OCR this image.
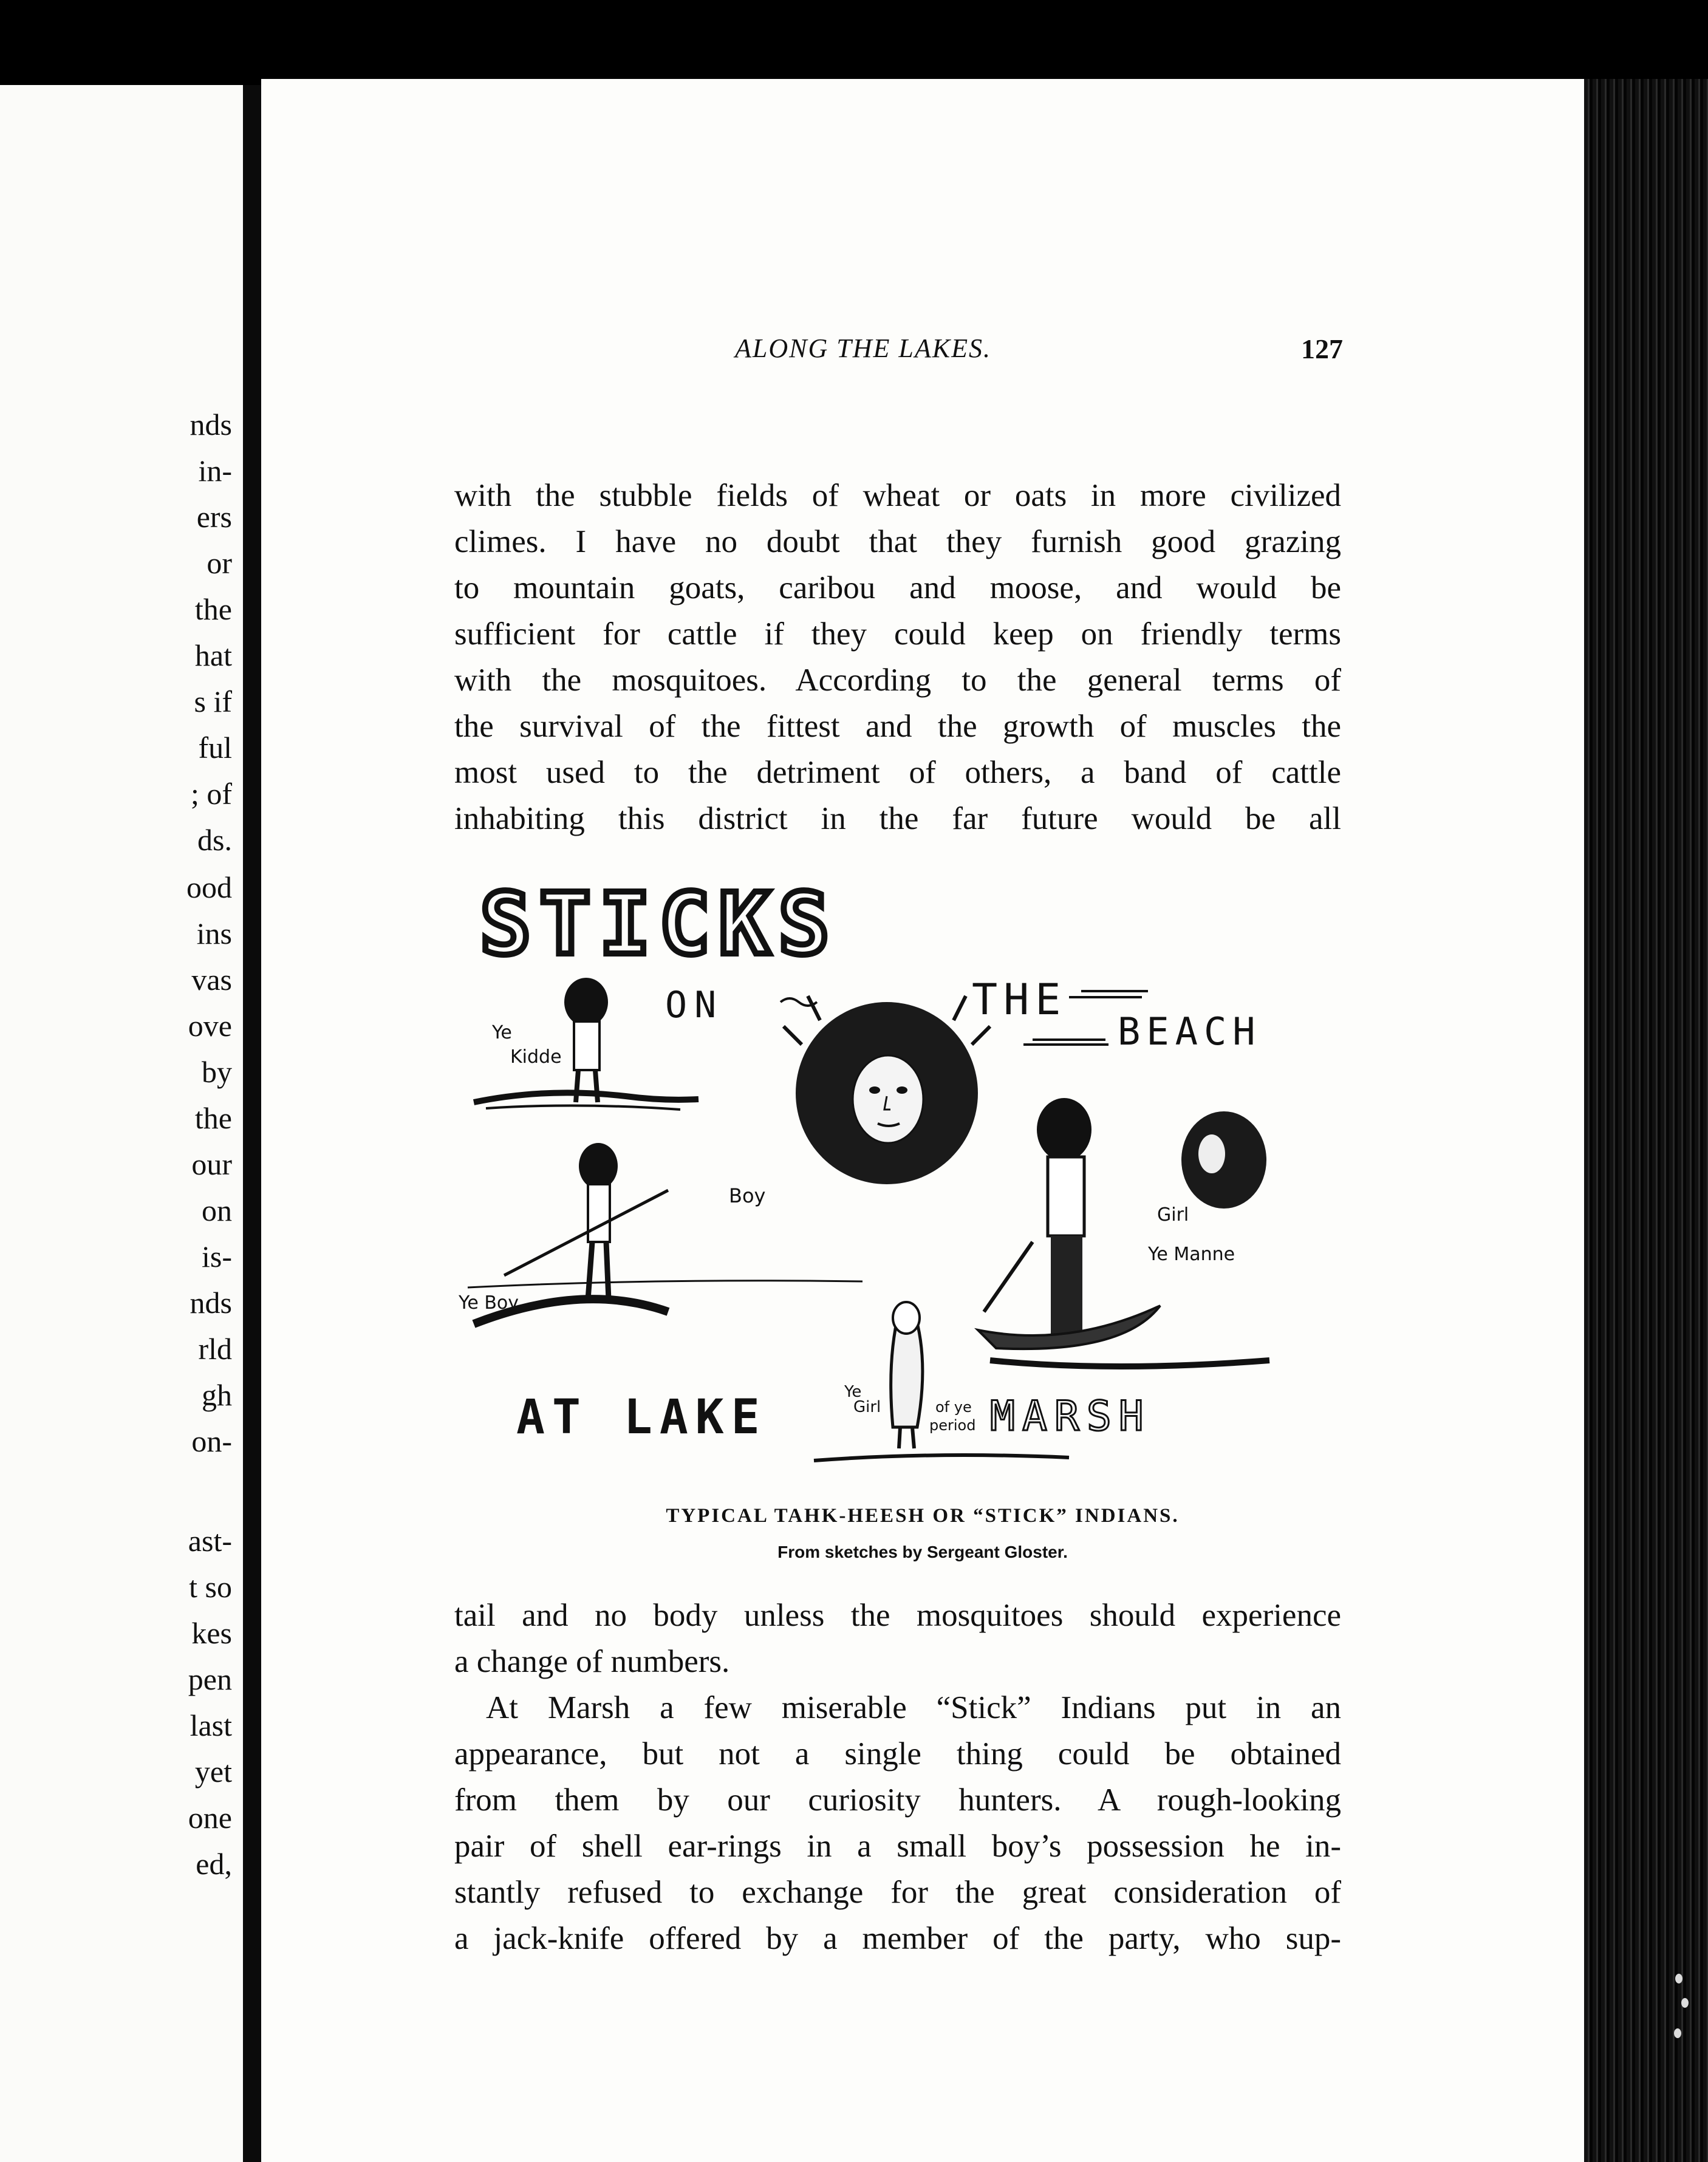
nds
in-
ers
or
the
hat
s if
ful
; of
ds.
ood
ins
vas
ove
by
the
our
on
is-
nds
rld
gh
on-
ast-
t so
kes
pen
last
yet
one
ed,
ALONG THE LAKES.	127
with the stubble fields of wheat or oats in more civilized
climes. I have no doubt that they furnish good grazing
to mountain goats, caribou and moose, and would be
sufficient for cattle if they could keep on friendly terms
with the mosquitoes. According to the general terms of
the survival of the fittest and the growth of muscles the
most used to the detriment of others, a band of cattle
inhabiting this district in the far future would be all
STICKS
ON	THE
BEACH
AT LAKE	MARSH
Ye
Kidde
Boy
Girl
Ye Boy
Ye Manne
Ye
Girl	of ye
period
TYPICAL TAHK-HEESH OR “STICK” INDIANS.
From sketches by Sergeant Gloster.
tail and no body unless the mosquitoes should experience
a change of numbers.
At Marsh a few miserable “Stick” Indians put in an
appearance, but not a single thing could be obtained
from them by our curiosity hunters. A rough-looking
pair of shell ear-rings in a small boy’s possession he in-
stantly refused to exchange for the great consideration of
a jack-knife offered by a member of the party, who sup-
